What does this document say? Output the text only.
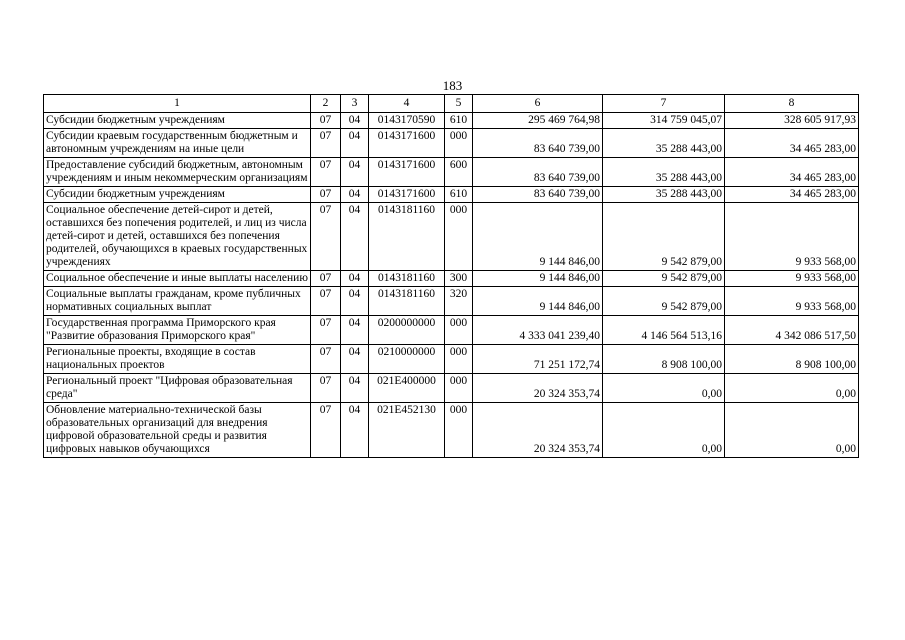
183
1	2	3	4	5	6	7	8
Субсидии бюджетным учреждениям	07	04	0143170590	610	295 469 764,98	314 759 045,07	328 605 917,93
Субсидии краевым государственным бюджетным и автономным учреждениям на иные цели	07	04	0143171600	000	83 640 739,00	35 288 443,00	34 465 283,00
Предоставление субсидий бюджетным, автономным учреждениям и иным некоммерческим организациям	07	04	0143171600	600	83 640 739,00	35 288 443,00	34 465 283,00
Субсидии бюджетным учреждениям	07	04	0143171600	610	83 640 739,00	35 288 443,00	34 465 283,00
Социальное обеспечение детей-сирот и детей, оставшихся без попечения родителей, и лиц из числа детей-сирот и детей, оставшихся без попечения родителей, обучающихся в краевых государственных учреждениях	07	04	0143181160	000	9 144 846,00	9 542 879,00	9 933 568,00
Социальное обеспечение и иные выплаты населению	07	04	0143181160	300	9 144 846,00	9 542 879,00	9 933 568,00
Социальные выплаты гражданам, кроме публичных нормативных социальных выплат	07	04	0143181160	320	9 144 846,00	9 542 879,00	9 933 568,00
Государственная программа Приморского края "Развитие образования Приморского края"	07	04	0200000000	000	4 333 041 239,40	4 146 564 513,16	4 342 086 517,50
Региональные проекты, входящие в состав национальных проектов	07	04	0210000000	000	71 251 172,74	8 908 100,00	8 908 100,00
Региональный проект "Цифровая образовательная среда"	07	04	021E400000	000	20 324 353,74	0,00	0,00
Обновление материально-технической базы образовательных организаций для внедрения цифровой образовательной среды и развития цифровых навыков обучающихся	07	04	021E452130	000	20 324 353,74	0,00	0,00
